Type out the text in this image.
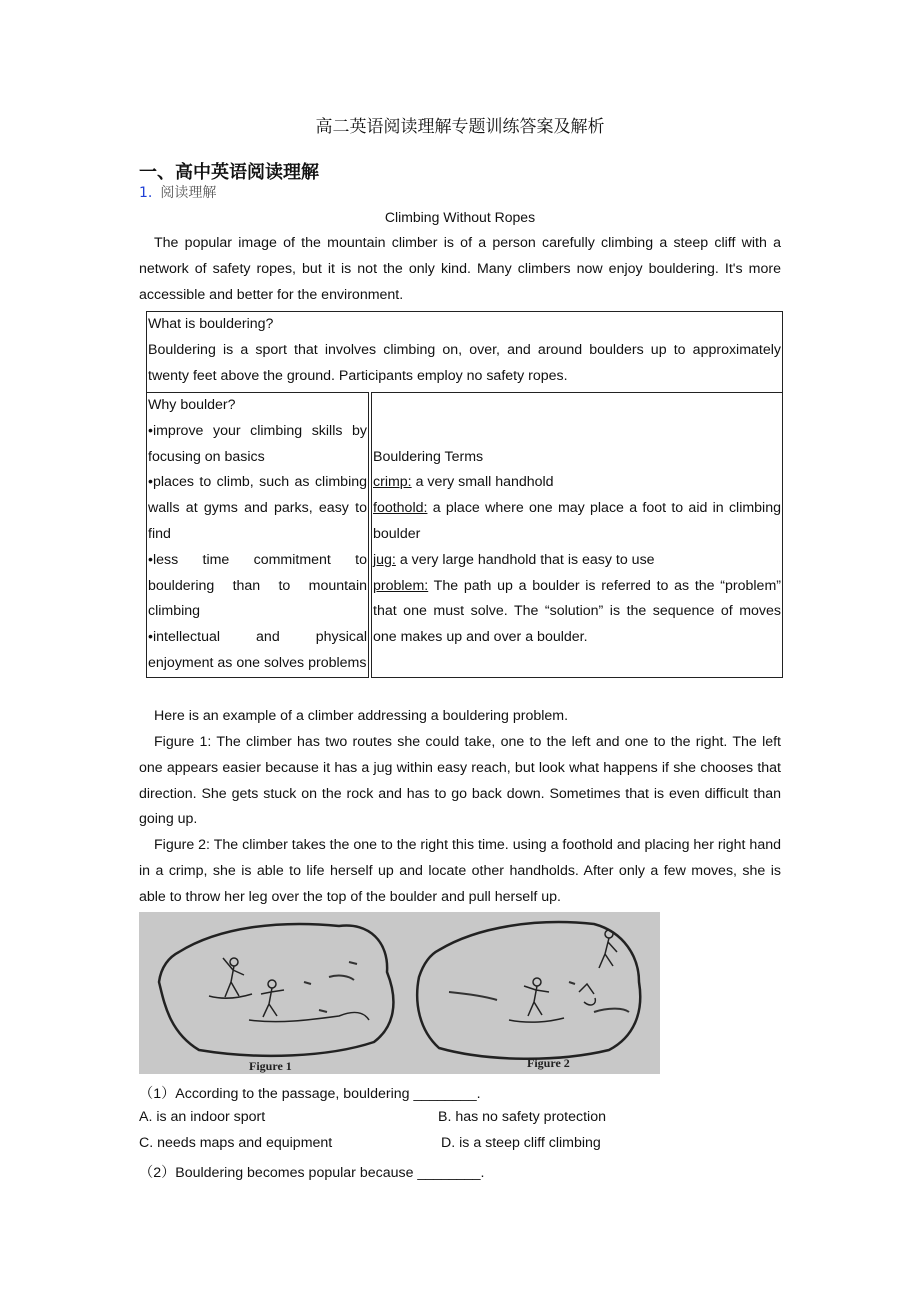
高二英语阅读理解专题训练答案及解析
一、高中英语阅读理解
1. 阅读理解
Climbing Without Ropes

The popular image of the mountain climber is of a person carefully climbing a steep cliff with a network of safety ropes, but it is not the only kind. Many climbers now enjoy bouldering. It's more accessible and better for the environment.

What is bouldering?
Bouldering is a sport that involves climbing on, over, and around boulders up to approximately twenty feet above the ground. Participants employ no safety ropes.

Why boulder?
•improve your climbing skills by focusing on basics
•places to climb, such as climbing walls at gyms and parks, easy to find
•less time commitment to bouldering than to mountain climbing
•intellectual and physical enjoyment as one solves problems

Bouldering Terms
crimp: a very small handhold
foothold: a place where one may place a foot to aid in climbing boulder
jug: a very large handhold that is easy to use
problem: The path up a boulder is referred to as the “problem” that one must solve. The “solution” is the sequence of moves one makes up and over a boulder.

Here is an example of a climber addressing a bouldering problem.

Figure 1: The climber has two routes she could take, one to the left and one to the right. The left one appears easier because it has a jug within easy reach, but look what happens if she chooses that direction. She gets stuck on the rock and has to go back down. Sometimes that is even difficult than going up.

Figure 2: The climber takes the one to the right this time. using a foothold and placing her right hand in a crimp, she is able to life herself up and locate other handholds. After only a few moves, she is able to throw her leg over the top of the boulder and pull herself up.

Figure 1	Figure 2
（1）According to the passage, bouldering ________.
A. is an indoor sport	B. has no safety protection
C. needs maps and equipment	D. is a steep cliff climbing
（2）Bouldering becomes popular because ________.
